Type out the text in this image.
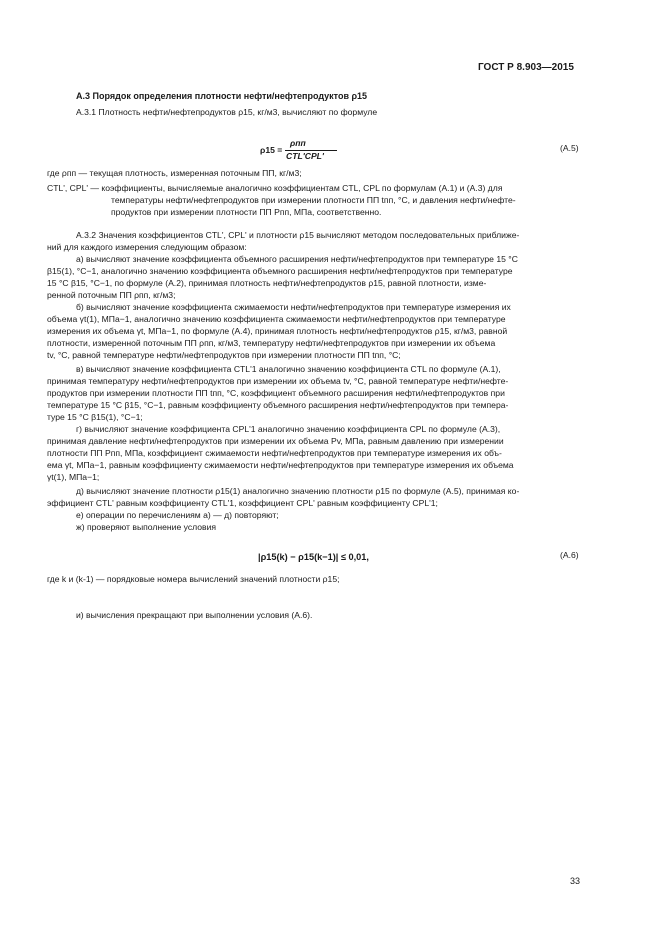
ГОСТ Р 8.903—2015
А.3 Порядок определения плотности нефти/нефтепродуктов ρ15
А.3.1 Плотность нефти/нефтепродуктов ρ15, кг/м3, вычисляют по формуле
ρ15 =
ρпп
CTL'CPL'
(А.5)
где ρпп — текущая плотность, измеренная поточным ПП, кг/м3;
CTL', CPL' — коэффициенты, вычисляемые аналогично коэффициентам CTL, CPL по формулам (А.1) и (А.3) для
температуры нефти/нефтепродуктов при измерении плотности ПП tпп, °С, и давления нефти/нефте-
продуктов при измерении плотности ПП Pпп, МПа, соответственно.
А.3.2 Значения коэффициентов CTL', CPL' и плотности ρ15 вычисляют методом последовательных приближе-
ний для каждого измерения следующим образом:
а) вычисляют значение коэффициента объемного расширения нефти/нефтепродуктов при температуре 15 °С
β15(1), °С−1, аналогично значению коэффициента объемного расширения нефти/нефтепродуктов при температуре
15 °С β15, °С−1, по формуле (А.2), принимая плотность нефти/нефтепродуктов ρ15, равной плотности, изме-
ренной поточным ПП ρпп, кг/м3;
б) вычисляют значение коэффициента сжимаемости нефти/нефтепродуктов при температуре измерения их
объема γt(1), МПа−1, аналогично значению коэффициента сжимаемости нефти/нефтепродуктов при температуре
измерения их объема γt, МПа−1, по формуле (А.4), принимая плотность нефти/нефтепродуктов ρ15, кг/м3, равной
плотности, измеренной поточным ПП ρпп, кг/м3, температуру нефти/нефтепродуктов при измерении их объема
tv, °С, равной температуре нефти/нефтепродуктов при измерении плотности ПП tпп, °С;
в) вычисляют значение коэффициента CTL'1 аналогично значению коэффициента CTL по формуле (А.1),
принимая температуру нефти/нефтепродуктов при измерении их объема tv, °С, равной температуре нефти/нефте-
продуктов при измерении плотности ПП tпп, °С, коэффициент объемного расширения нефти/нефтепродуктов при
температуре 15 °С β15, °С−1, равным коэффициенту объемного расширения нефти/нефтепродуктов при темпера-
туре 15 °С β15(1), °С−1;
г) вычисляют значение коэффициента CPL'1 аналогично значению коэффициента CPL по формуле (А.3),
принимая давление нефти/нефтепродуктов при измерении их объема Pv, МПа, равным давлению при измерении
плотности ПП Pпп, МПа, коэффициент сжимаемости нефти/нефтепродуктов при температуре измерения их объ-
ема γt, МПа−1, равным коэффициенту сжимаемости нефти/нефтепродуктов при температуре измерения их объема
γt(1), МПа−1;
д) вычисляют значение плотности ρ15(1) аналогично значению плотности ρ15 по формуле (А.5), принимая ко-
эффициент CTL' равным коэффициенту CTL'1, коэффициент CPL' равным коэффициенту CPL'1;
е) операции по перечислениям а) — д) повторяют;
ж) проверяют выполнение условия
|ρ15(k) − ρ15(k−1)| ≤ 0,01,	(А.6)
где k и (k-1) — порядковые номера вычислений значений плотности ρ15;
и) вычисления прекращают при выполнении условия (А.6).
33
